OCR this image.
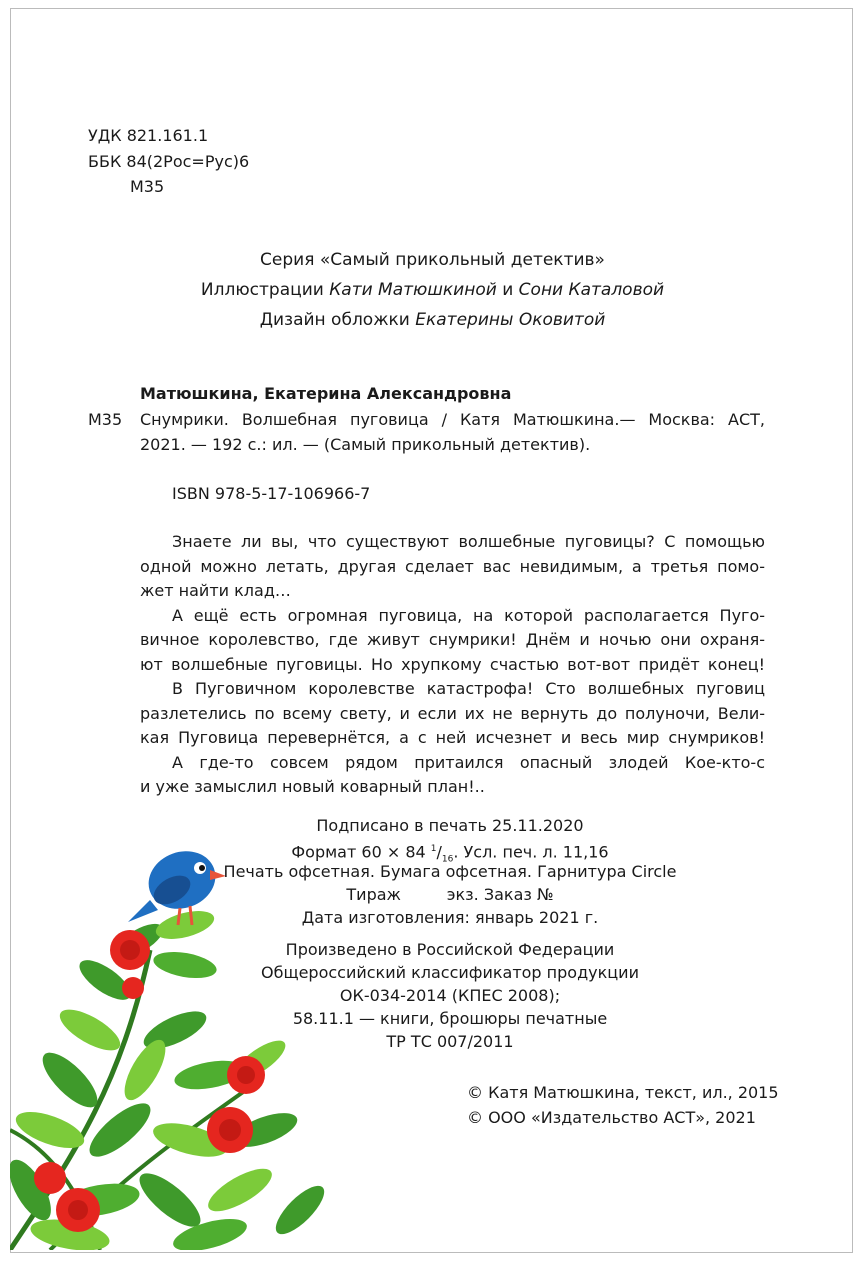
УДК 821.161.1
ББК 84(2Рос=Рус)6
М35
Серия «Самый прикольный детектив»
Иллюстрации Кати Матюшкиной и Сони Каталовой
Дизайн обложки Екатерины Оковитой
Матюшкина, Екатерина Александровна
М35 Снумрики. Волшебная пуговица / Катя Матюшкина.— Москва: АСТ,
2021. — 192 с.: ил. — (Самый прикольный детектив).
ISBN 978-5-17-106966-7
Знаете ли вы, что существуют волшебные пуговицы? С помощью
одной можно летать, другая сделает вас невидимым, а третья помо-
жет найти клад…
А ещё есть огромная пуговица, на которой располагается Пуго-
вичное королевство, где живут снумрики! Днём и ночью они охраня-
ют волшебные пуговицы. Но хрупкому счастью вот-вот придёт конец!
В Пуговичном королевстве катастрофа! Сто волшебных пуговиц
разлетелись по всему свету, и если их не вернуть до полуночи, Вели-
кая Пуговица перевернётся, а с ней исчезнет и весь мир снумриков!
А где-то совсем рядом притаился опасный злодей Кое-кто-с
и уже замыслил новый коварный план!..
Подписано в печать 25.11.2020
Формат 60 × 84 $^1/_{16}$. Усл. печ. л. 11,16
Печать офсетная. Бумага офсетная. Гарнитура Circle
Тираж         экз. Заказ №
Дата изготовления: январь 2021 г.
Произведено в Российской Федерации
Общероссийский классификатор продукции
ОК-034-2014 (КПЕС 2008);
58.11.1 — книги, брошюры печатные
ТР ТС 007/2011
© Катя Матюшкина, текст, ил., 2015
© ООО «Издательство АСТ», 2021
